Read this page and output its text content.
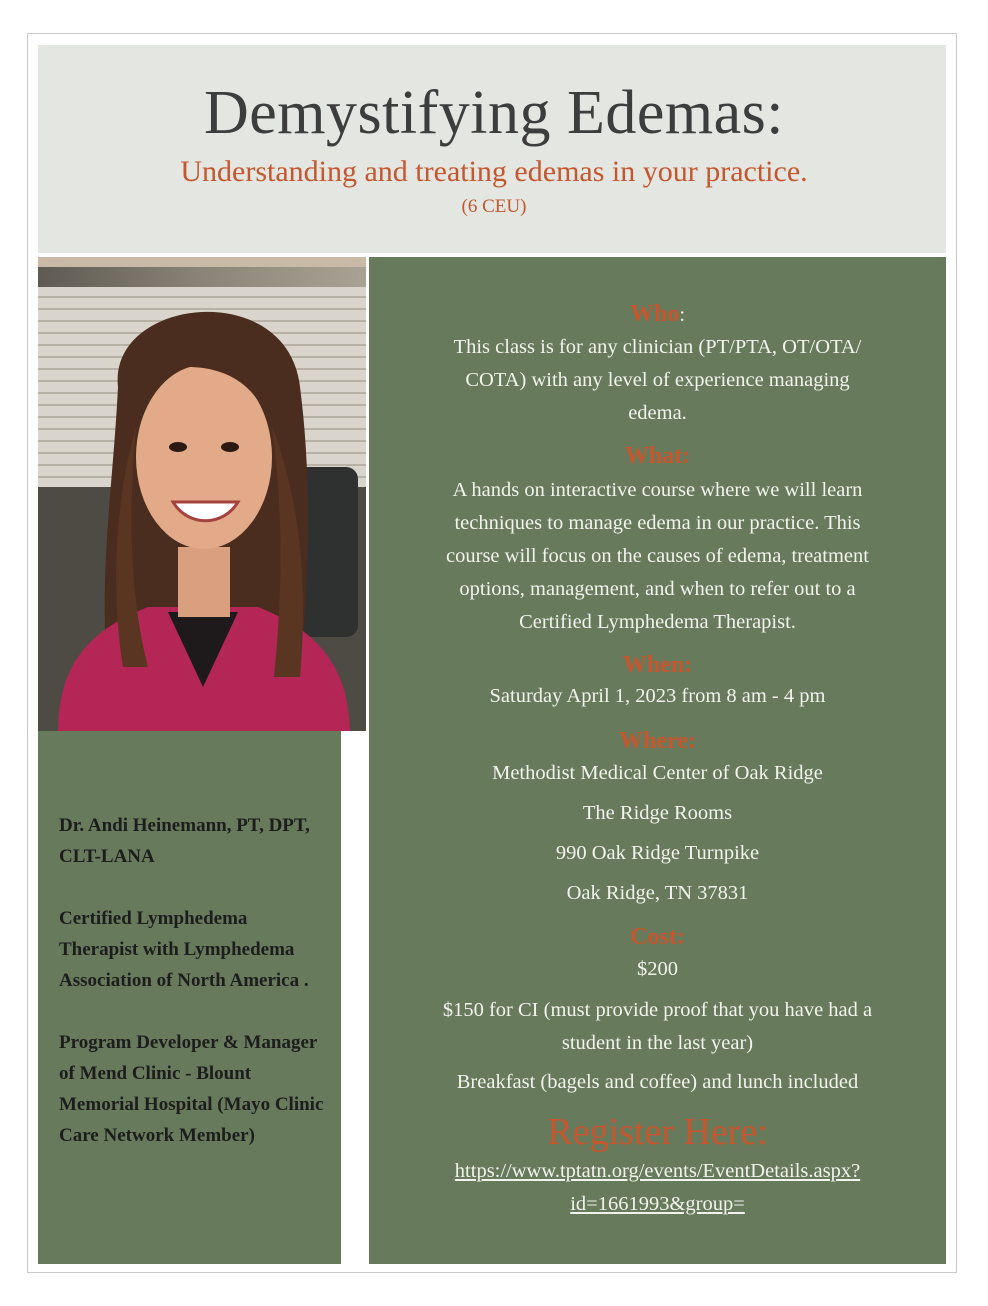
Demystifying Edemas:
Understanding and treating edemas in your practice.
(6 CEU)

Dr. Andi Heinemann, PT, DPT, CLT-LANA

Certified Lymphedema Therapist with Lymphedema Association of North America .

Program Developer & Manager of Mend Clinic - Blount Memorial Hospital (Mayo Clinic Care Network Member)

Who:
This class is for any clinician (PT/PTA, OT/OTA/
COTA) with any level of experience managing
edema.
What:
A hands on interactive course where we will learn
techniques to manage edema in our practice. This
course will focus on the causes of edema, treatment
options, management, and when to refer out to a
Certified Lymphedema Therapist.
When:
Saturday April 1, 2023 from 8 am - 4 pm
Where:
Methodist Medical Center of Oak Ridge
The Ridge Rooms
990 Oak Ridge Turnpike
Oak Ridge, TN 37831
Cost:
$200
$150 for CI (must provide proof that you have had a
student in the last year)
Breakfast (bagels and coffee) and lunch included
Register Here:
https://www.tptatn.org/events/EventDetails.aspx?
id=1661993&group=
